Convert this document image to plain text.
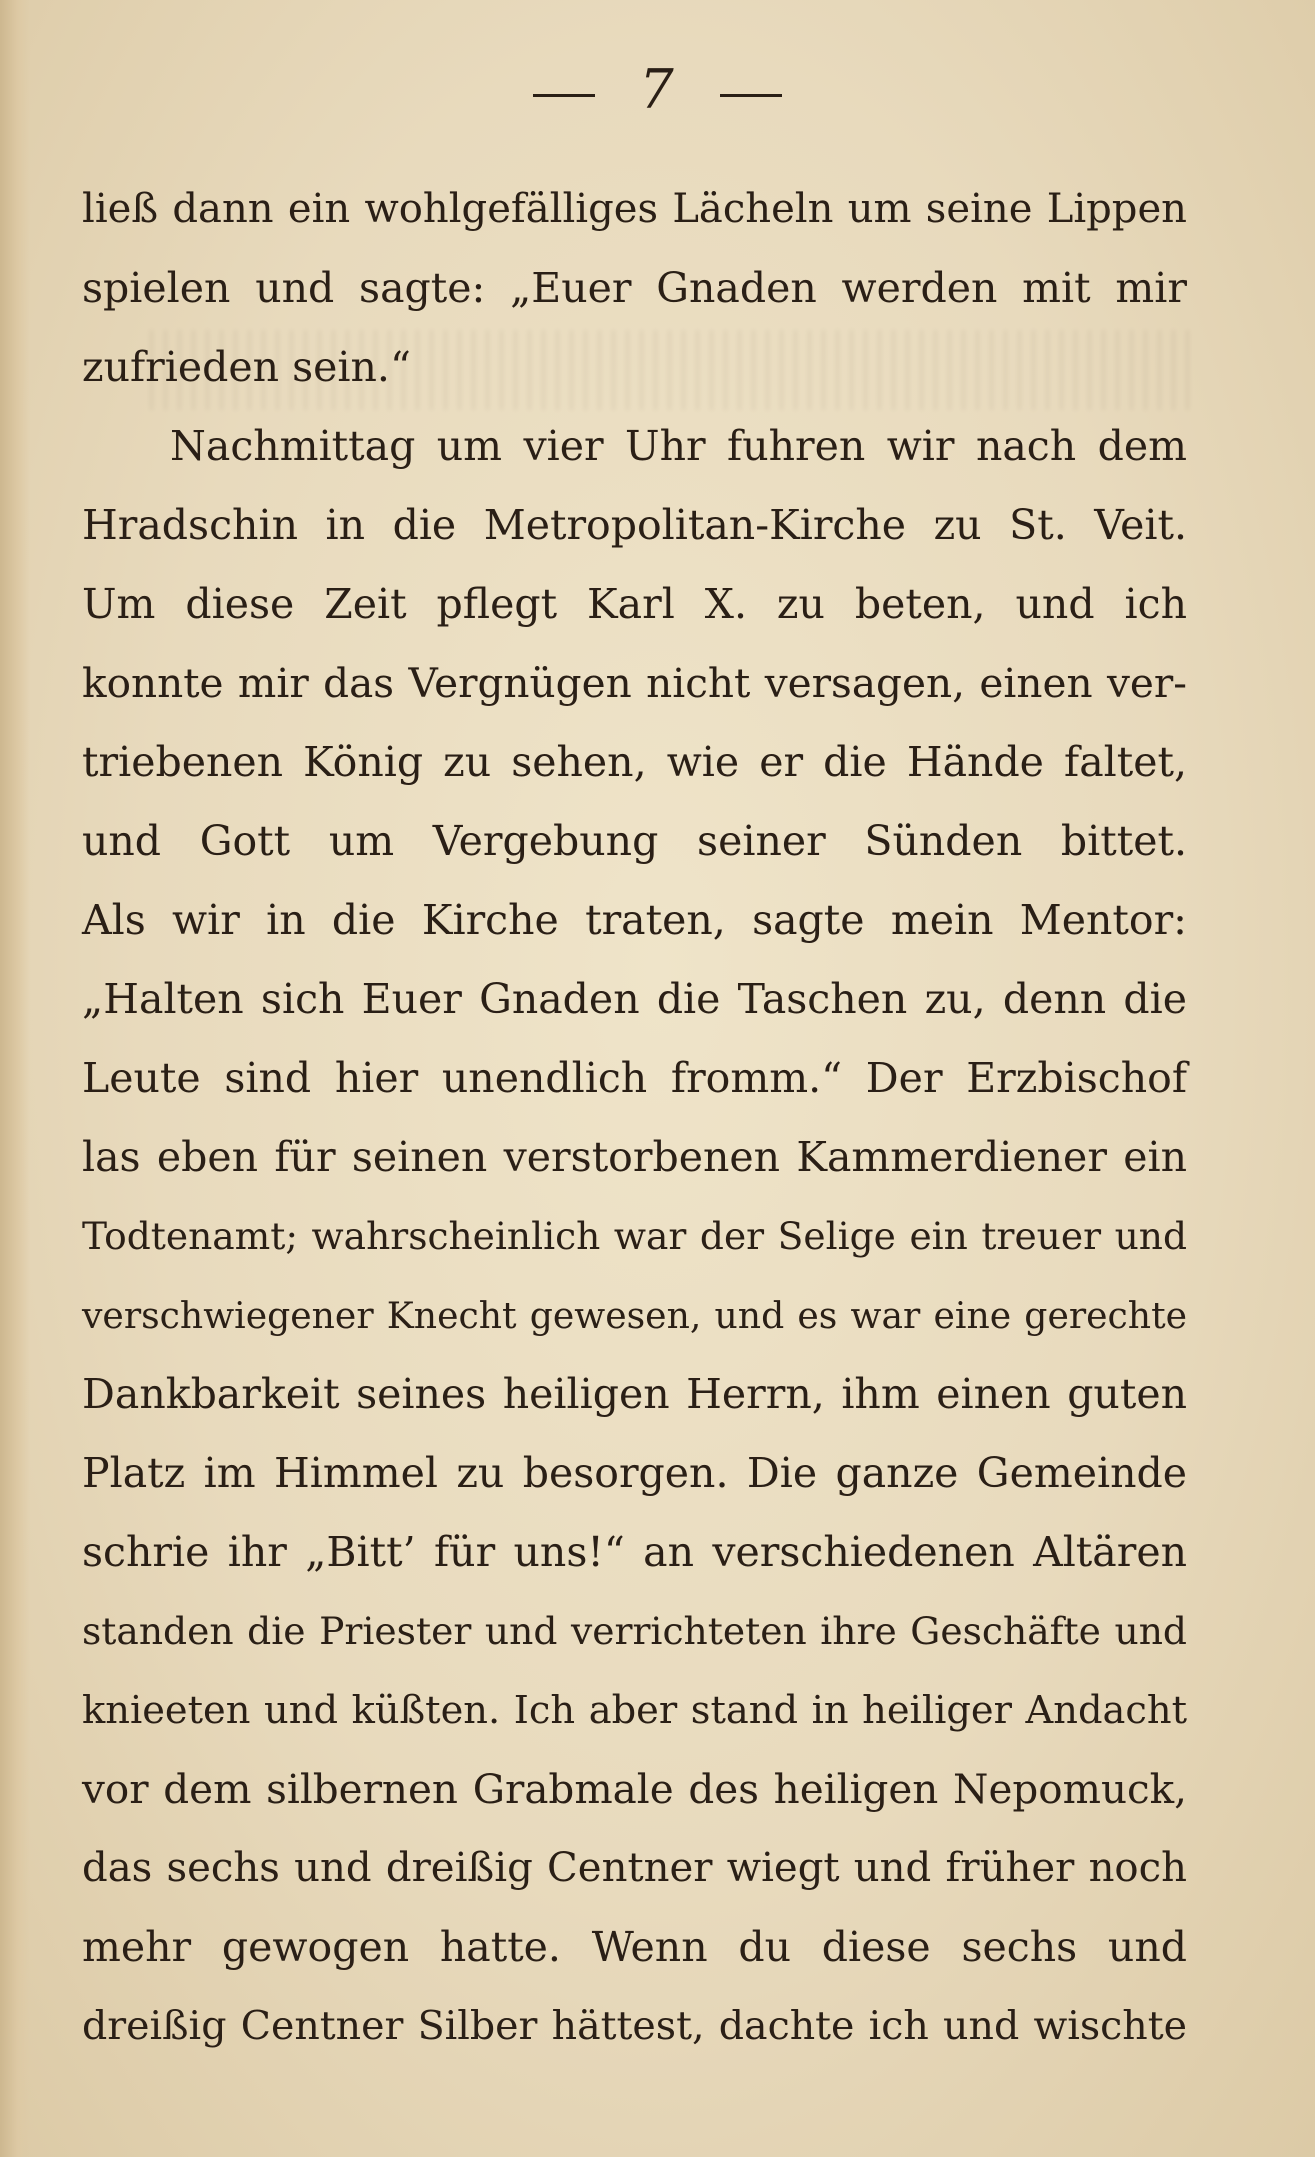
7
ließ dann ein wohlgefälliges Lächeln um seine Lippen
spielen und sagte: „Euer Gnaden werden mit mir
zufrieden sein.“
Nachmittag um vier Uhr fuhren wir nach dem
Hradschin in die Metropolitan-Kirche zu St. Veit.
Um diese Zeit pflegt Karl X. zu beten, und ich
konnte mir das Vergnügen nicht versagen, einen ver-
triebenen König zu sehen, wie er die Hände faltet,
und Gott um Vergebung seiner Sünden bittet.
Als wir in die Kirche traten, sagte mein Mentor:
„Halten sich Euer Gnaden die Taschen zu, denn die
Leute sind hier unendlich fromm.“ Der Erzbischof
las eben für seinen verstorbenen Kammerdiener ein
Todtenamt; wahrscheinlich war der Selige ein treuer und
verschwiegener Knecht gewesen, und es war eine gerechte
Dankbarkeit seines heiligen Herrn, ihm einen guten
Platz im Himmel zu besorgen. Die ganze Gemeinde
schrie ihr „Bitt’ für uns!“ an verschiedenen Altären
standen die Priester und verrichteten ihre Geschäfte und
knieeten und küßten. Ich aber stand in heiliger Andacht
vor dem silbernen Grabmale des heiligen Nepomuck,
das sechs und dreißig Centner wiegt und früher noch
mehr gewogen hatte. Wenn du diese sechs und
dreißig Centner Silber hättest, dachte ich und wischte
